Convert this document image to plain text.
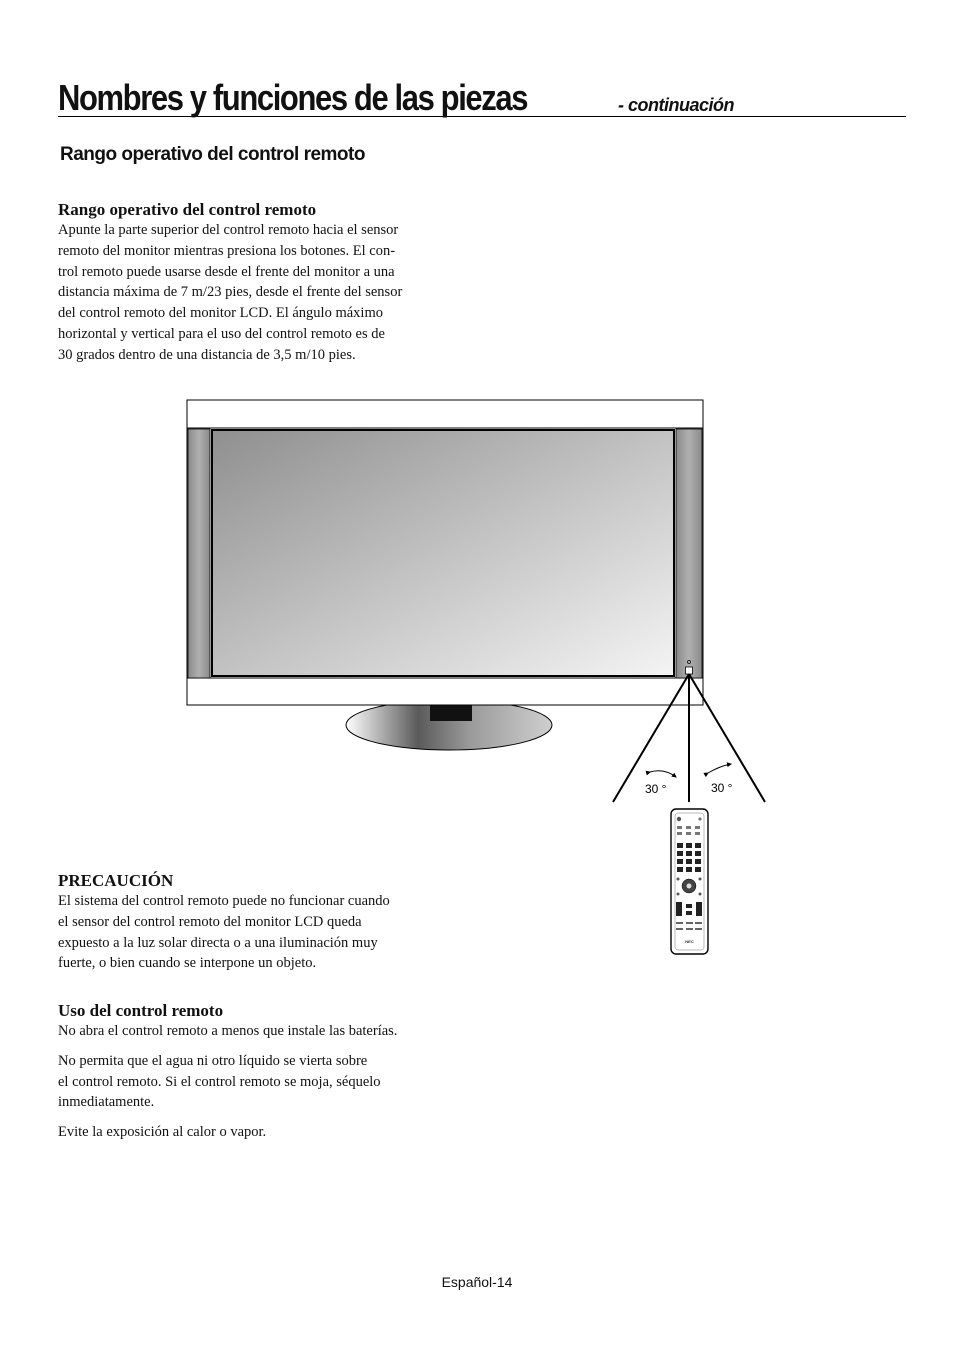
Nombres y funciones de las piezas	- continuación
Rango operativo del control remoto
Rango operativo del control remoto

Apunte la parte superior del control remoto hacia el sensor
remoto del monitor mientras presiona los botones. El con-
trol remoto puede usarse desde el frente del monitor a una
distancia máxima de 7 m/23 pies, desde el frente del sensor
del control remoto del monitor LCD. El ángulo máximo
horizontal y vertical para el uso del control remoto es de
30 grados dentro de una distancia de 3,5 m/10 pies.

PRECAUCIÓN

El sistema del control remoto puede no funcionar cuando
el sensor del control remoto del monitor LCD queda
expuesto a la luz solar directa o a una iluminación muy
fuerte, o bien cuando se interpone un objeto.

Uso del control remoto

No abra el control remoto a menos que instale las baterías.

No permita que el agua ni otro líquido se vierta sobre
el control remoto. Si el control remoto se moja, séquelo
inmediatamente.

Evite la exposición al calor o vapor.

30 °	30 °
NEC
Español-14
